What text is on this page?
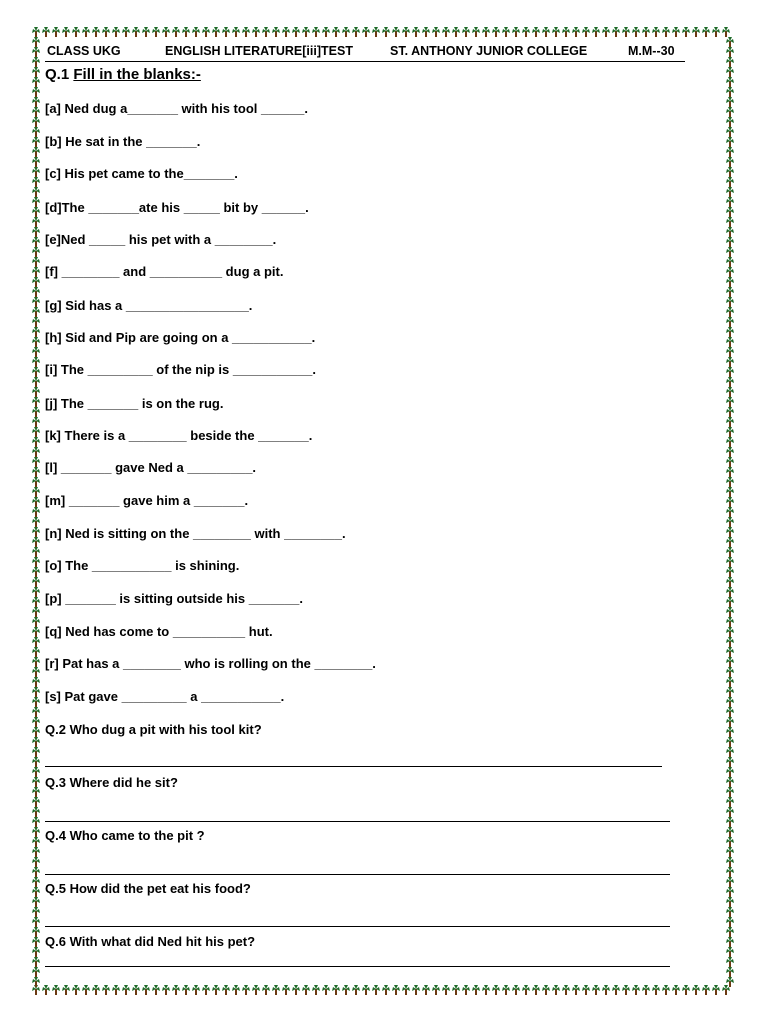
CLASS UKG	ENGLISH LITERATURE[iii]TEST	ST. ANTHONY JUNIOR COLLEGE	M.M--30
Q.1 Fill in the blanks:-
[a] Ned dug a_______ with his tool ______.
[b] He sat in the _______.
[c] His pet came to the_______.
[d]The _______ate his _____ bit by ______.
[e]Ned _____ his pet with a ________.
[f] ________ and __________ dug a pit.
[g] Sid has a _________________.
[h] Sid and Pip are going on a ___________.
[i] The _________ of the nip is ___________.
[j] The _______ is on the rug.
[k] There is a ________ beside the _______.
[l] _______ gave Ned a _________.
[m] _______ gave him a _______.
[n] Ned is sitting on the ________ with ________.
[o] The ___________ is shining.
[p] _______ is sitting outside his _______.
[q] Ned has come to __________ hut.
[r] Pat has a ________ who is rolling on the ________.
[s] Pat gave _________ a ___________.
Q.2 Who dug a pit with his tool kit?
Q.3 Where did he sit?
Q.4 Who came to the pit ?
Q.5 How did the pet eat his food?
Q.6 With what did Ned hit his pet?
